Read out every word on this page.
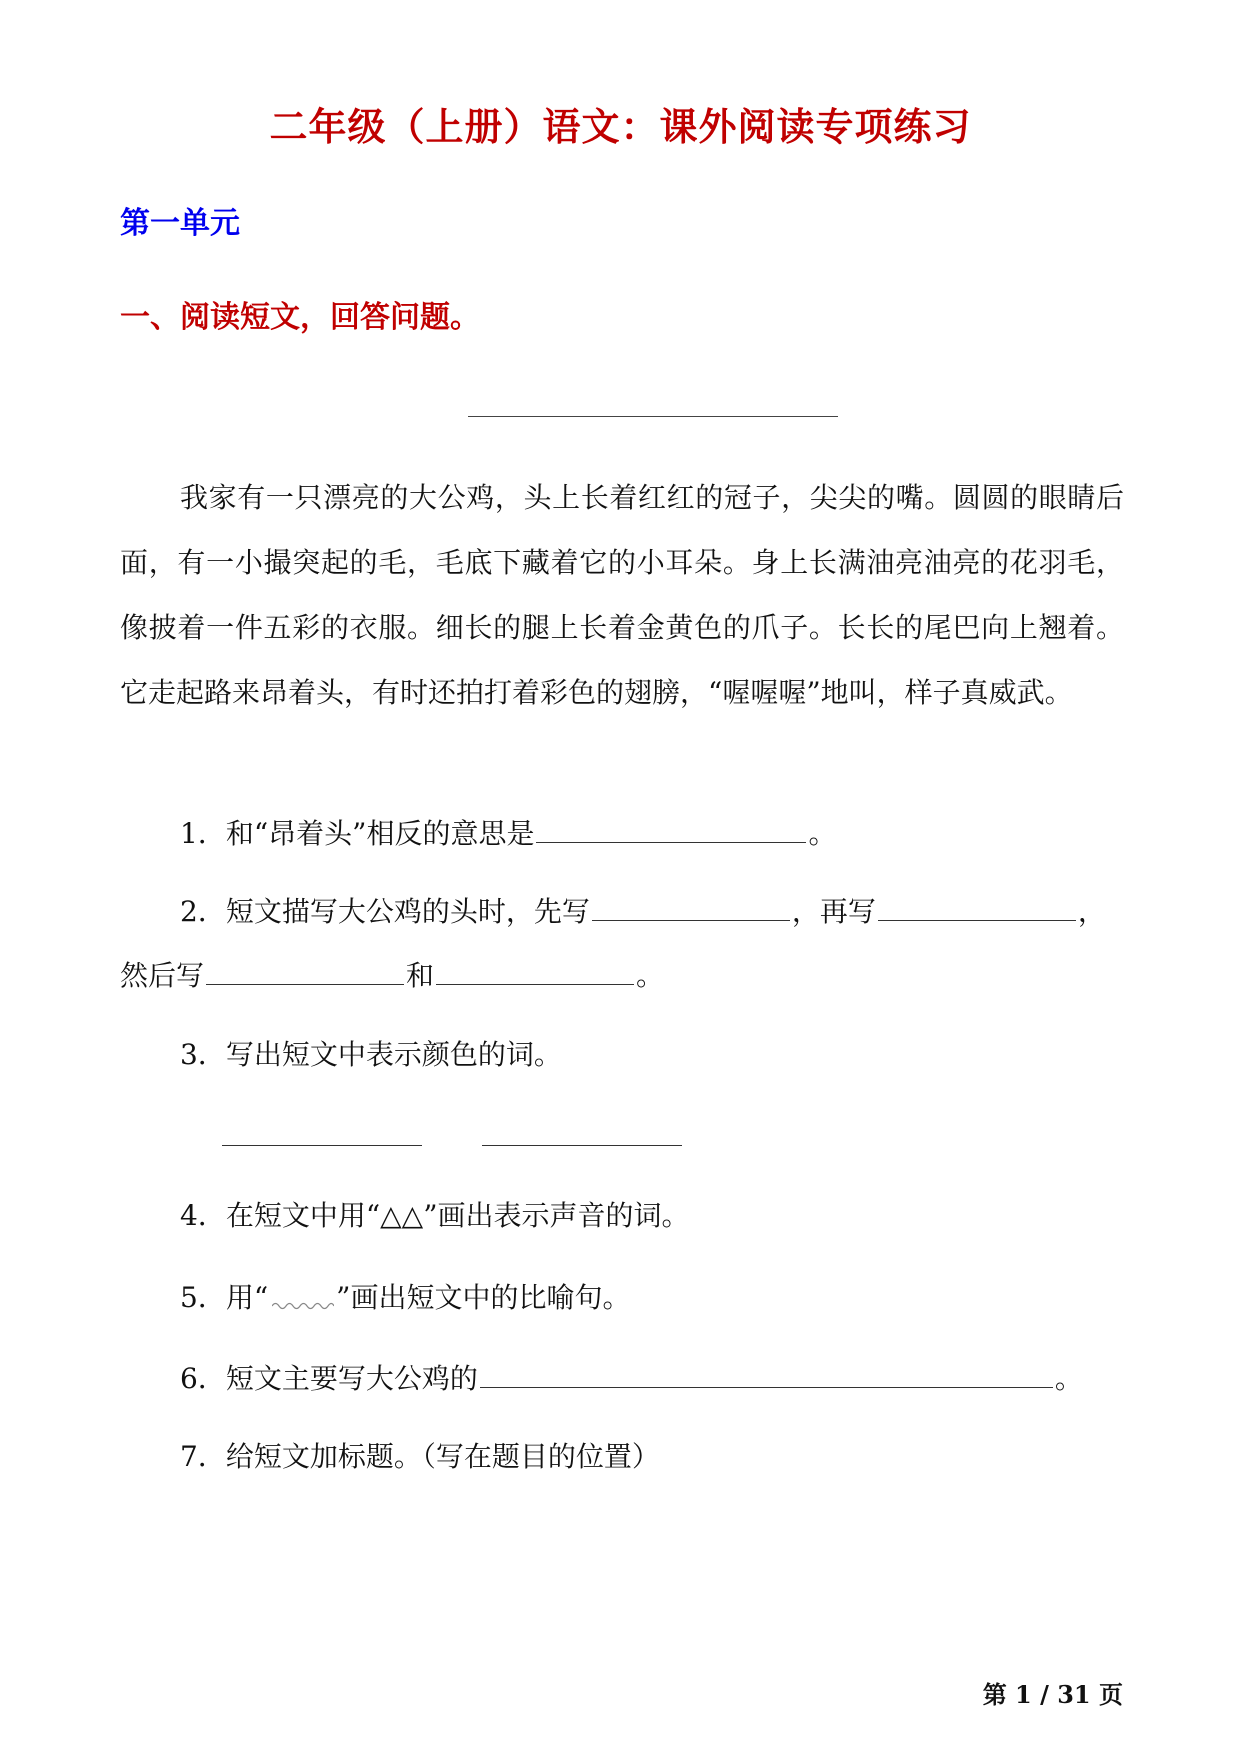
二年级（上册）语文：课外阅读专项练习
第一单元
一、阅读短文，回答问题。
我家有一只漂亮的大公鸡，头上长着红红的冠子，尖尖的嘴。圆圆的眼睛后面，有一小撮突起的毛，毛底下藏着它的小耳朵。身上长满油亮油亮的花羽毛，像披着一件五彩的衣服。细长的腿上长着金黄色的爪子。长长的尾巴向上翘着。它走起路来昂着头，有时还拍打着彩色的翅膀，“喔喔喔”地叫，样子真威武。
1．和“昂着头”相反的意思是	。
2．短文描写大公鸡的头时，先写	，再写	，
然后写	和	。
3．写出短文中表示颜色的词。
4．在短文中用“△△”画出表示声音的词。
5．用“ ”画出短文中的比喻句。
6．短文主要写大公鸡的	。
7．给短文加标题。（写在题目的位置）
第 1 / 31 页
